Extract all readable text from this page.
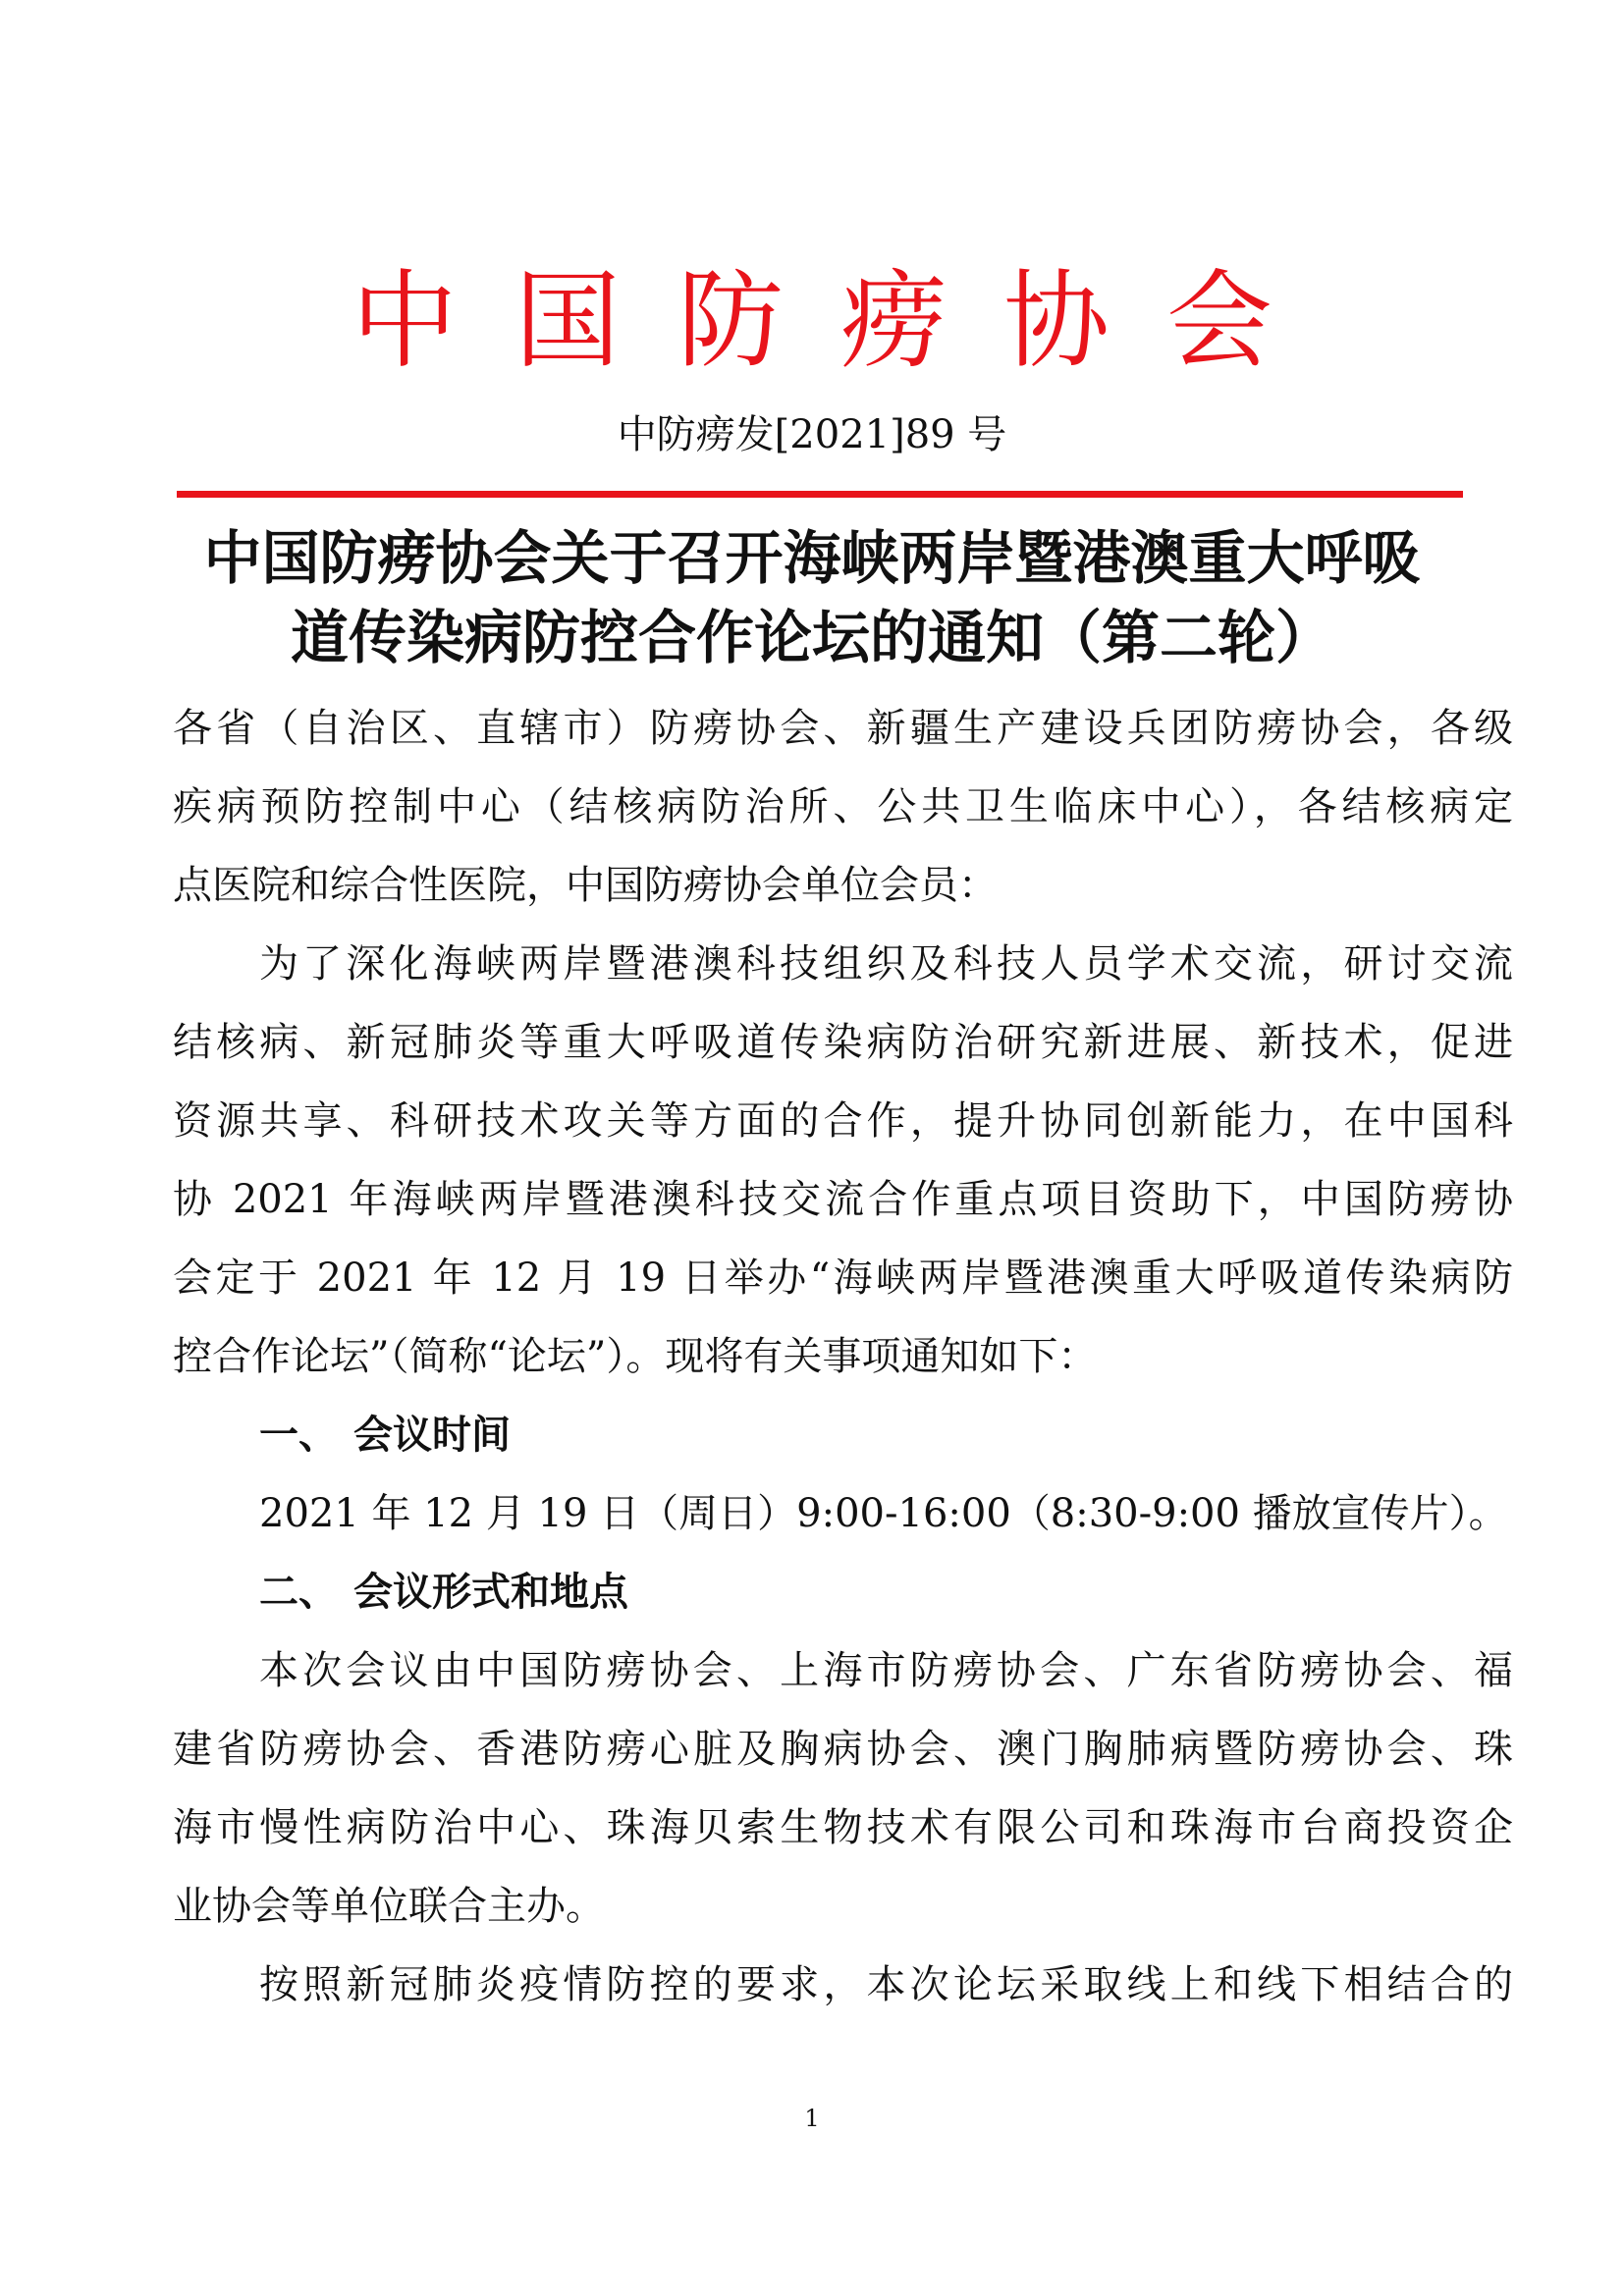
中国防痨协会
中防痨发[2021]89 号
中国防痨协会关于召开海峡两岸暨港澳重大呼吸
道传染病防控合作论坛的通知（第二轮）
各省（自治区、直辖市）防痨协会、新疆生产建设兵团防痨协会，各级
疾病预防控制中心（结核病防治所、公共卫生临床中心），各结核病定
点医院和综合性医院，中国防痨协会单位会员：
为了深化海峡两岸暨港澳科技组织及科技人员学术交流，研讨交流
结核病、新冠肺炎等重大呼吸道传染病防治研究新进展、新技术，促进
资源共享、科研技术攻关等方面的合作，提升协同创新能力，在中国科
协 2021 年海峡两岸暨港澳科技交流合作重点项目资助下，中国防痨协
会定于 2021 年 12 月 19 日举办“海峡两岸暨港澳重大呼吸道传染病防
控合作论坛”（简称“论坛”）。现将有关事项通知如下：
一、 会议时间
2021 年 12 月 19 日（周日）9:00-16:00（8:30-9:00 播放宣传片）。
二、 会议形式和地点
本次会议由中国防痨协会、上海市防痨协会、广东省防痨协会、福
建省防痨协会、香港防痨心脏及胸病协会、澳门胸肺病暨防痨协会、珠
海市慢性病防治中心、珠海贝索生物技术有限公司和珠海市台商投资企
业协会等单位联合主办。
按照新冠肺炎疫情防控的要求，本次论坛采取线上和线下相结合的
1
